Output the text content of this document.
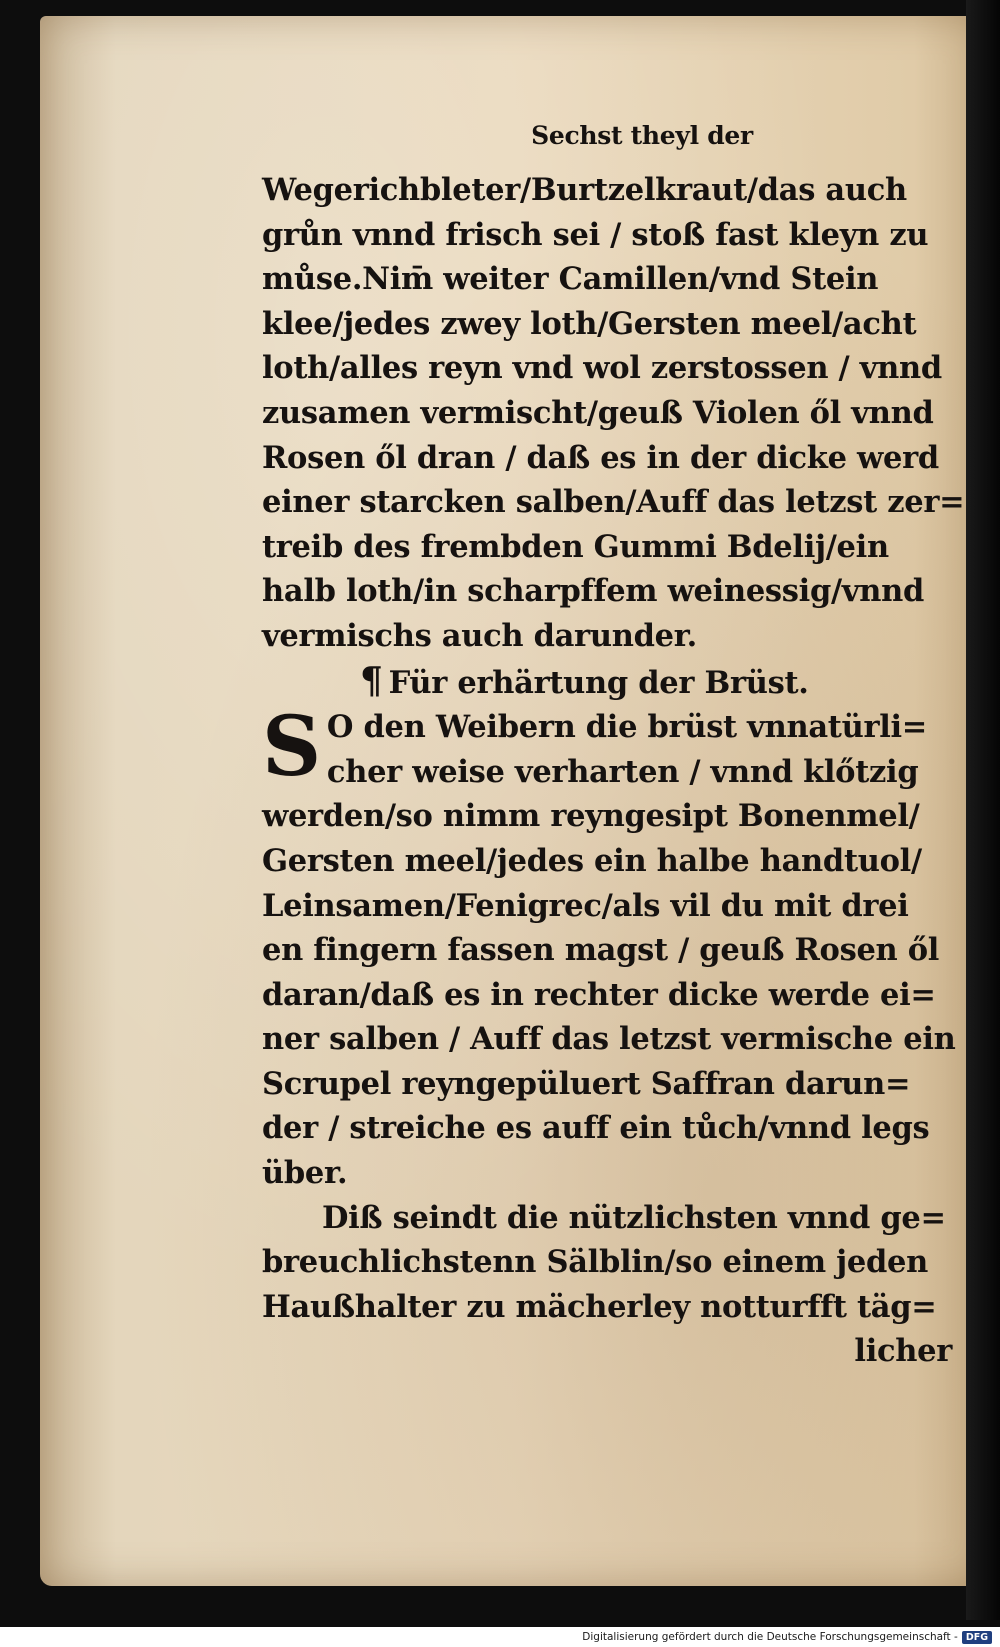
Sechst theyl der
Wegerichbleter/Burtzelkraut/das auch
grůn vnnd frisch sei / stoß fast kleyn zu
můse.Nim̄ weiter Camillen/vnd Stein
klee/jedes zwey loth/Gersten meel/acht
loth/alles reyn vnd wol zerstossen / vnnd
zusamen vermischt/geuß Violen ől vnnd
Rosen ől dran / daß es in der dicke werd
einer starcken salben/Auff das letzst zer=
treib des frembden Gummi Bdelij/ein
halb loth/in scharpffem weinessig/vnnd
vermischs auch darunder.
¶ Für erhärtung der Brüst.
S O den Weibern die brüst vnnatürli=
cher weise verharten / vnnd klőtzig
werden/so nimm reyngesipt Bonenmel/
Gersten meel/jedes ein halbe handtuol/
Leinsamen/Fenigrec/als vil du mit drei
en fingern fassen magst / geuß Rosen ől
daran/daß es in rechter dicke werde ei=
ner salben / Auff das letzst vermische ein
Scrupel reyngepüluert Saffran darun=
der / streiche es auff ein tůch/vnnd legs
über.
Diß seindt die nützlichsten vnnd ge=
breuchlichstenn Sälblin/so einem jeden
Haußhalter zu mächerley notturfft täg=
licher
Digitalisierung gefördert durch die Deutsche Forschungsgemeinschaft - DFG
